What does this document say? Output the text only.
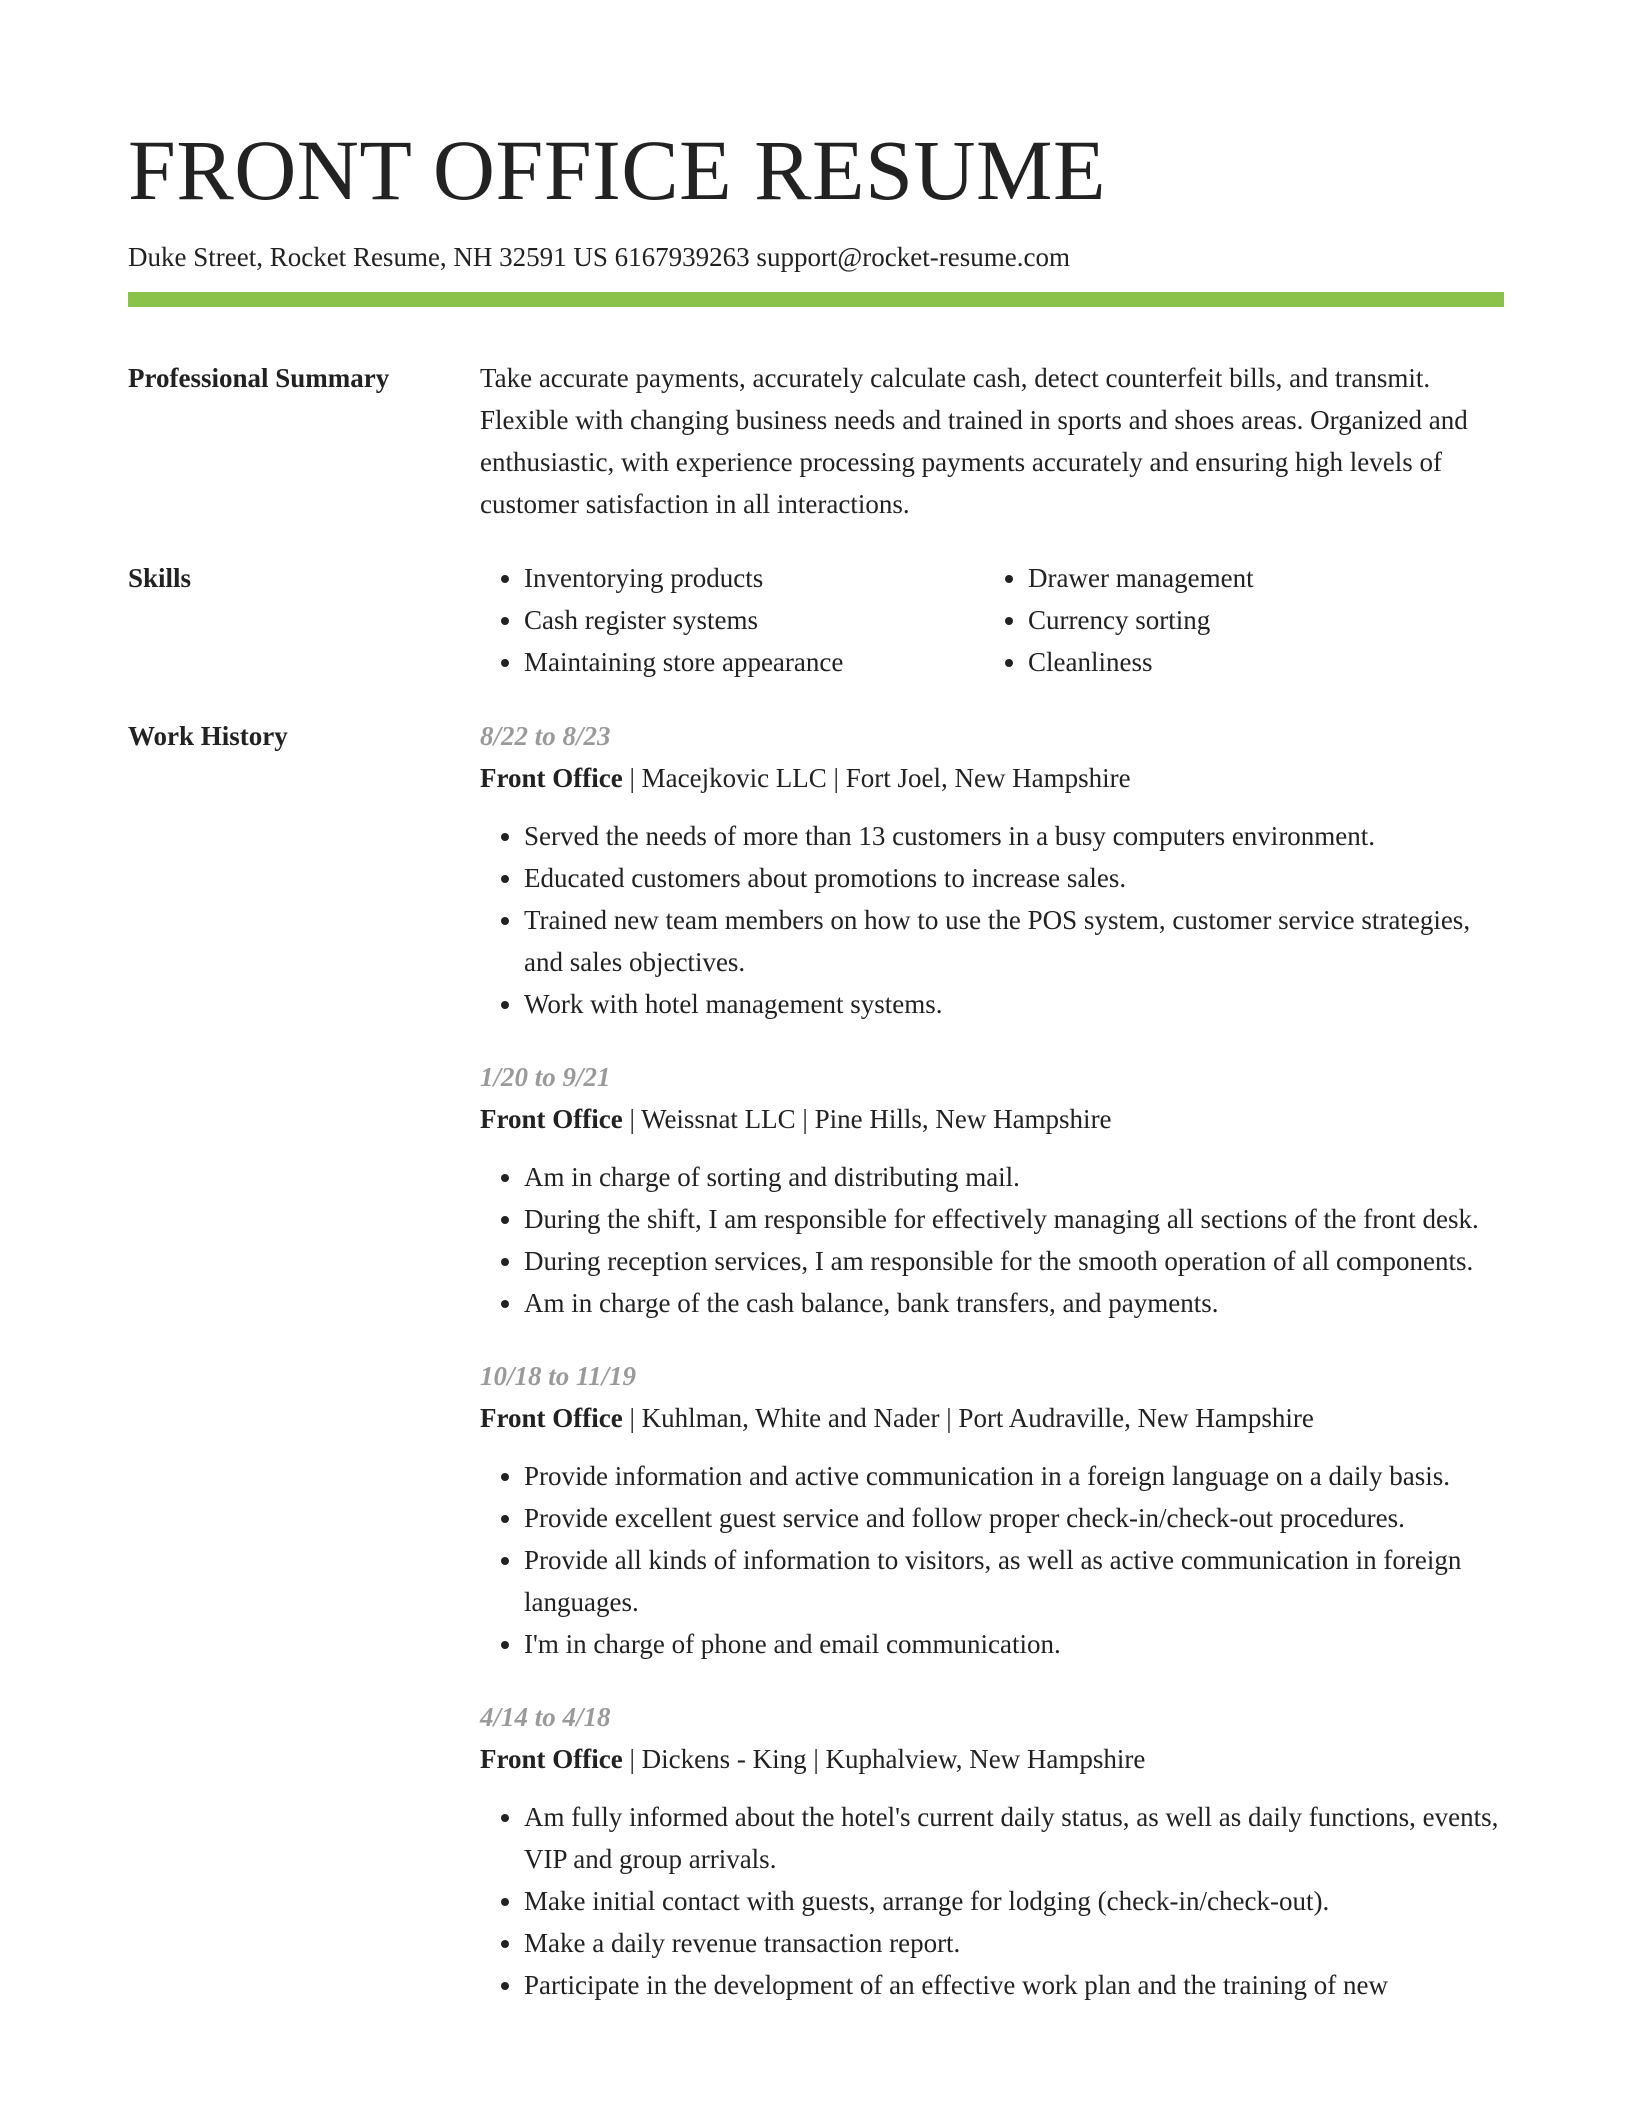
FRONT OFFICE RESUME
Duke Street, Rocket Resume, NH 32591 US 6167939263 support@rocket-resume.com
Professional Summary	Take accurate payments, accurately calculate cash, detect counterfeit bills, and transmit. Flexible with changing business needs and trained in sports and shoes areas. Organized and enthusiastic, with experience processing payments accurately and ensuring high levels of customer satisfaction in all interactions.

Skills
•	Inventorying products
• Cash register systems
• Maintaining store appearance
• Drawer management
• Currency sorting
• Cleanliness
Work History	8/22 to 8/23
Front Office | Macejkovic LLC | Fort Joel, New Hampshire
• Served the needs of more than 13 customers in a busy computers environment.
• Educated customers about promotions to increase sales.
• Trained new team members on how to use the POS system, customer service strategies, and sales objectives.
• Work with hotel management systems.
1/20 to 9/21
Front Office | Weissnat LLC | Pine Hills, New Hampshire
• Am in charge of sorting and distributing mail.
• During the shift, I am responsible for effectively managing all sections of the front desk.
• During reception services, I am responsible for the smooth operation of all components.
• Am in charge of the cash balance, bank transfers, and payments.
10/18 to 11/19
Front Office | Kuhlman, White and Nader | Port Audraville, New Hampshire
• Provide information and active communication in a foreign language on a daily basis.
• Provide excellent guest service and follow proper check-in/check-out procedures.
• Provide all kinds of information to visitors, as well as active communication in foreign languages.
• I'm in charge of phone and email communication.
4/14 to 4/18
Front Office | Dickens - King | Kuphalview, New Hampshire
• Am fully informed about the hotel's current daily status, as well as daily functions, events, VIP and group arrivals.
• Make initial contact with guests, arrange for lodging (check-in/check-out).
• Make a daily revenue transaction report.
• Participate in the development of an effective work plan and the training of new
